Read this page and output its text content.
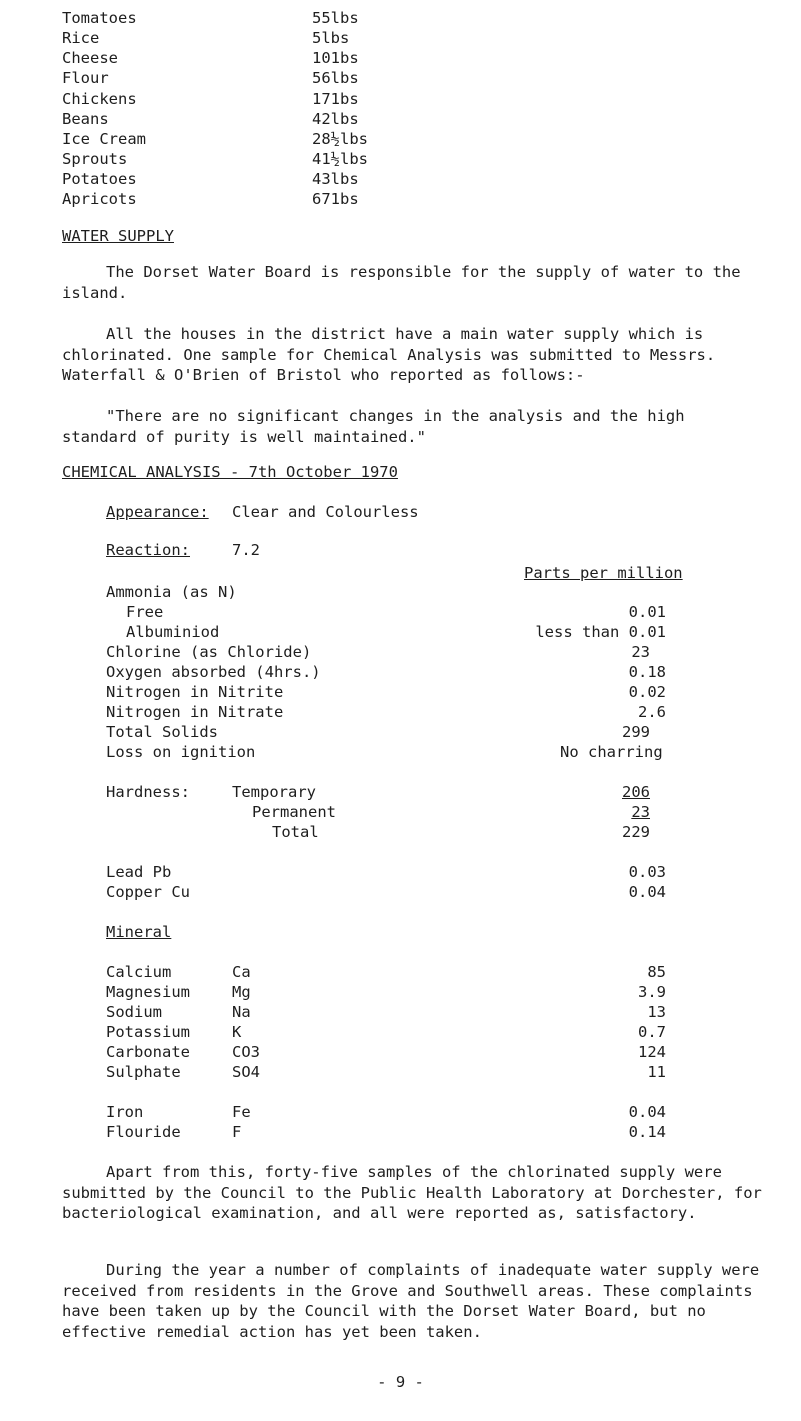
Tomatoes	55lbs
Rice	5lbs
Cheese	101bs
Flour	56lbs
Chickens	171bs
Beans	42lbs
Ice Cream	28½lbs
Sprouts	41½lbs
Potatoes	43lbs
Apricots	671bs
WATER SUPPLY

The Dorset Water Board is responsible for the supply of water to the island.

All the houses in the district have a main water supply which is chlorinated. One sample for Chemical Analysis was submitted to Messrs. Waterfall & O'Brien of Bristol who reported as follows:-

"There are no significant changes in the analysis and the high standard of purity is well maintained."

CHEMICAL ANALYSIS - 7th October 1970
Appearance: Clear and Colourless
Reaction:	7.2
Parts per million
Ammonia (as N)
Free	0.01
Albuminiod	less than 0.01
Chlorine (as Chloride)	23
Oxygen absorbed (4hrs.)	0.18
Nitrogen in Nitrite	0.02
Nitrogen in Nitrate	2.6
Total Solids	299
Loss on ignition	No charring
Hardness:	Temporary	206
Permanent	23
Total	229
Lead Pb	0.03
Copper Cu	0.04
Mineral
Calcium	Ca	85
Magnesium	Mg	3.9
Sodium	Na	13
Potassium	K	0.7
Carbonate	CO3	124
Sulphate	SO4	11
Iron	Fe	0.04
Flouride	F	0.14

Apart from this, forty-five samples of the chlorinated supply were submitted by the Council to the Public Health Laboratory at Dorchester, for bacteriological examination, and all were reported as, satisfactory.

During the year a number of complaints of inadequate water supply were received from residents in the Grove and Southwell areas. These complaints have been taken up by the Council with the Dorset Water Board, but no effective remedial action has yet been taken.

- 9 -
